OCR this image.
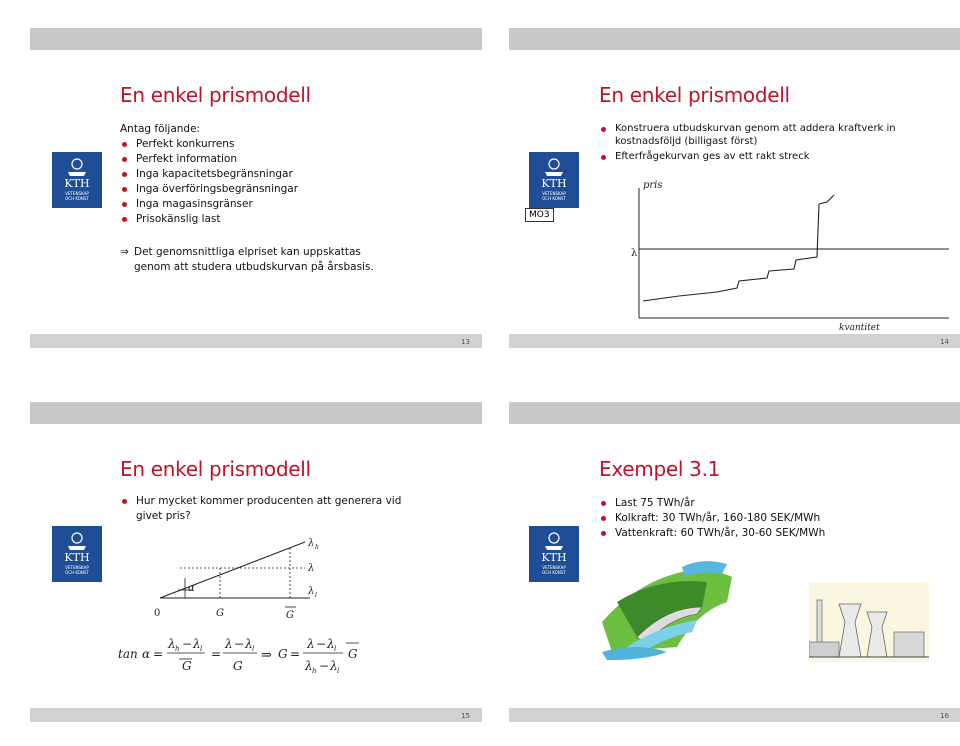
En enkel prismodell
KTH
VETENSKAP
OCH KONST
Antag följande:
Perfekt konkurrens
Perfekt information
Inga kapacitetsbegränsningar
Inga överföringsbegränsningar
Inga magasinsgränser
Prisokänslig last
⇒ Det genomsnittliga elpriset kan uppskattas
genom att studera utbudskurvan på årsbasis.
13
En enkel prismodell
KTH
VETENSKAP
OCH KONST
MO3
Konstruera utbudskurvan genom att addera kraftverk in kostnadsföljd (billigast först)
Efterfrågekurvan ges av ett rakt streck
pris
λ
kvantitet
14
En enkel prismodell
KTH
VETENSKAP
OCH KONST
Hur mycket kommer producenten att generera vid givet pris?
α
λ h
λ
λ l
0	G	G
tan α =
λ h − λ l
G
=
λ − λ l
G
⇒ G =
λ − λ l
λ h − λ l
G
15
Exempel 3.1
KTH
VETENSKAP
OCH KONST
Last 75 TWh/år
Kolkraft: 30 TWh/år, 160-180 SEK/MWh
Vattenkraft: 60 TWh/år, 30-60 SEK/MWh
16
